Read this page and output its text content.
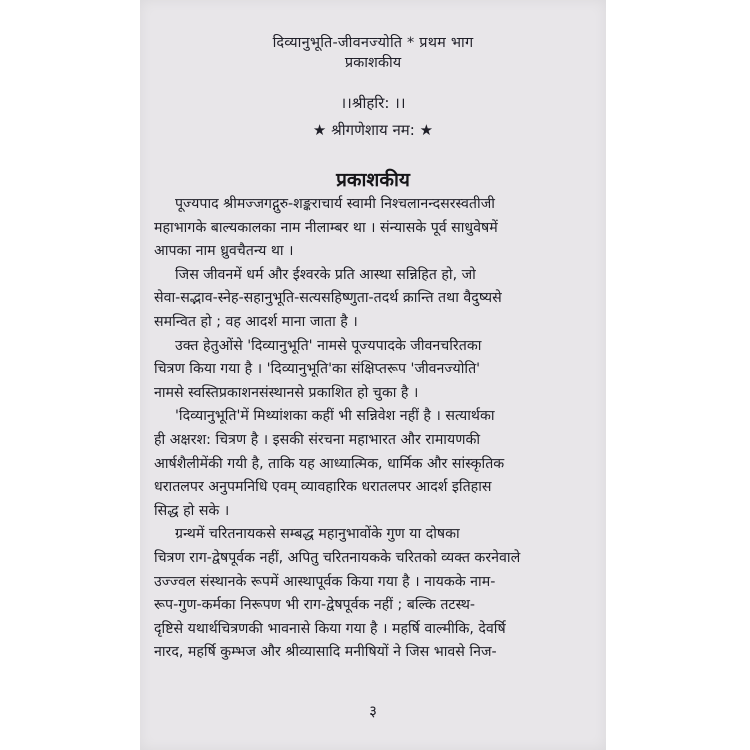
दिव्यानुभूति-जीवनज्योति * प्रथम भाग
प्रकाशकीय
।।श्रीहरि: ।।
★ श्रीगणेशाय नम: ★
प्रकाशकीय
३

पूज्यपाद श्रीमज्जगद्गुरु-शङ्कराचार्य स्वामी निश्चलानन्दसरस्वतीजी

महाभागके बाल्यकालका नाम नीलाम्बर था । संन्यासके पूर्व साधुवेषमें

आपका नाम ध्रुवचैतन्य था ।

जिस जीवनमें धर्म और ईश्वरके प्रति आस्था सन्निहित हो, जो

सेवा-सद्भाव-स्नेह-सहानुभूति-सत्यसहिष्णुता-तदर्थ क्रान्ति तथा वैदुष्यसे

समन्वित हो ; वह आदर्श माना जाता है ।

उक्त हेतुओंसे 'दिव्यानुभूति' नामसे पूज्यपादके जीवनचरितका

चित्रण किया गया है । 'दिव्यानुभूति'का संक्षिप्तरूप 'जीवनज्योति'

नामसे स्वस्तिप्रकाशनसंस्थानसे प्रकाशित हो चुका है ।

'दिव्यानुभूति'में मिथ्यांशका कहीं भी सन्निवेश नहीं है । सत्यार्थका

ही अक्षरश: चित्रण है । इसकी संरचना महाभारत और रामायणकी

आर्षशैलीमेंकी गयी है, ताकि यह आध्यात्मिक, धार्मिक और सांस्कृतिक

धरातलपर अनुपमनिधि एवम् व्यावहारिक धरातलपर आदर्श इतिहास

सिद्ध हो सके ।

ग्रन्थमें चरितनायकसे सम्बद्ध महानुभावोंके गुण या दोषका

चित्रण राग-द्वेषपूर्वक नहीं, अपितु चरितनायकके चरितको व्यक्त करनेवाले

उज्ज्वल संस्थानके रूपमें आस्थापूर्वक किया गया है । नायकके नाम-

रूप-गुण-कर्मका निरूपण भी राग-द्वेषपूर्वक नहीं ; बल्कि तटस्थ-

दृष्टिसे यथार्थचित्रणकी भावनासे किया गया है । महर्षि वाल्मीकि, देवर्षि

नारद, महर्षि कुम्भज और श्रीव्यासादि मनीषियों ने जिस भावसे निज-
